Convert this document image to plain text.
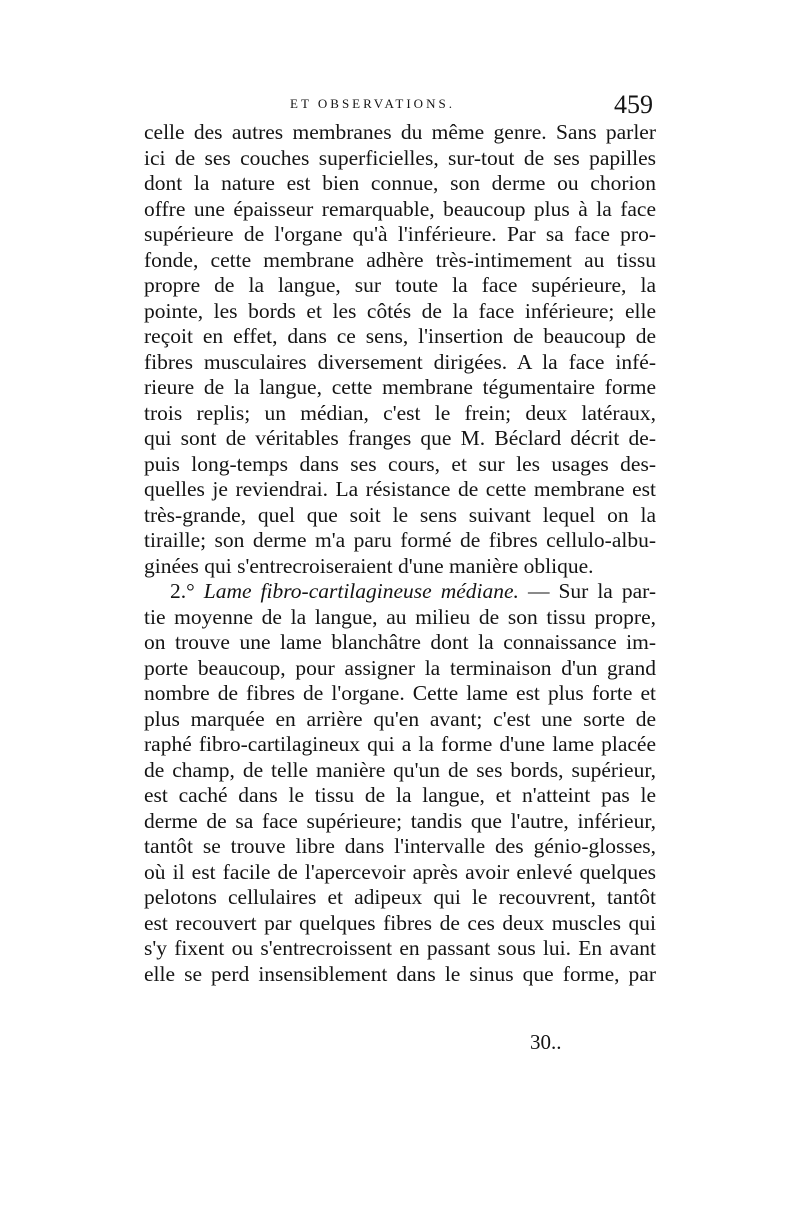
ET OBSERVATIONS.	459
celle des autres membranes du même genre. Sans parler
ici de ses couches superficielles, sur-tout de ses papilles
dont la nature est bien connue, son derme ou chorion
offre une épaisseur remarquable, beaucoup plus à la face
supérieure de l'organe qu'à l'inférieure. Par sa face pro-
fonde, cette membrane adhère très-intimement au tissu
propre de la langue, sur toute la face supérieure, la
pointe, les bords et les côtés de la face inférieure; elle
reçoit en effet, dans ce sens, l'insertion de beaucoup de
fibres musculaires diversement dirigées. A la face infé-
rieure de la langue, cette membrane tégumentaire forme
trois replis; un médian, c'est le frein; deux latéraux,
qui sont de véritables franges que M. Béclard décrit de-
puis long-temps dans ses cours, et sur les usages des-
quelles je reviendrai. La résistance de cette membrane est
très-grande, quel que soit le sens suivant lequel on la
tiraille; son derme m'a paru formé de fibres cellulo-albu-
ginées qui s'entrecroiseraient d'une manière oblique.
2.° Lame fibro-cartilagineuse médiane. — Sur la par-
tie moyenne de la langue, au milieu de son tissu propre,
on trouve une lame blanchâtre dont la connaissance im-
porte beaucoup, pour assigner la terminaison d'un grand
nombre de fibres de l'organe. Cette lame est plus forte et
plus marquée en arrière qu'en avant; c'est une sorte de
raphé fibro-cartilagineux qui a la forme d'une lame placée
de champ, de telle manière qu'un de ses bords, supérieur,
est caché dans le tissu de la langue, et n'atteint pas le
derme de sa face supérieure; tandis que l'autre, inférieur,
tantôt se trouve libre dans l'intervalle des génio-glosses,
où il est facile de l'apercevoir après avoir enlevé quelques
pelotons cellulaires et adipeux qui le recouvrent, tantôt
est recouvert par quelques fibres de ces deux muscles qui
s'y fixent ou s'entrecroissent en passant sous lui. En avant
elle se perd insensiblement dans le sinus que forme, par
30..
